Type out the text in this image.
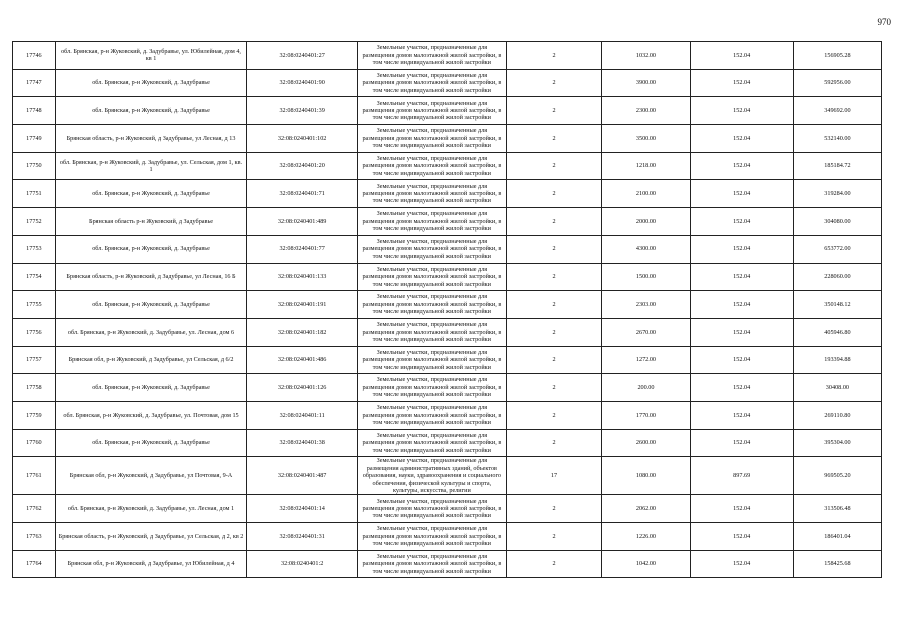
970
17746	обл. Брянская, р-н Жуковский, д. Задубравье, ул. Юбилейная, дом 4, кв 1	32:08:0240401:27	Земельные участки, предназначенные для размещения домов малоэтажной жилой застройки, в том числе индивидуальной жилой застройки	2	1032.00	152.04	156905.28
17747	обл. Брянская, р-н Жуковский, д. Задубравье	32:08:0240401:90	Земельные участки, предназначенные для размещения домов малоэтажной жилой застройки, в том числе индивидуальной жилой застройки	2	3900.00	152.04	592956.00
17748	обл. Брянская, р-н Жуковский, д. Задубравье	32:08:0240401:39	Земельные участки, предназначенные для размещения домов малоэтажной жилой застройки, в том числе индивидуальной жилой застройки	2	2300.00	152.04	349692.00
17749	Брянская область, р-н Жуковский, д Задубравье, ул Лесная, д 13	32:08:0240401:102	Земельные участки, предназначенные для размещения домов малоэтажной жилой застройки, в том числе индивидуальной жилой застройки	2	3500.00	152.04	532140.00
17750	обл. Брянская, р-н Жуковский, д. Задубравье, ул. Сельская, дом 1, кв. 1	32:08:0240401:20	Земельные участки, предназначенные для размещения домов малоэтажной жилой застройки, в том числе индивидуальной жилой застройки	2	1218.00	152.04	185184.72
17751	обл. Брянская, р-н Жуковский, д. Задубравье	32:08:0240401:71	Земельные участки, предназначенные для размещения домов малоэтажной жилой застройки, в том числе индивидуальной жилой застройки	2	2100.00	152.04	319284.00
17752	Брянская область р-н Жуковский, д Задубравье	32:08:0240401:489	Земельные участки, предназначенные для размещения домов малоэтажной жилой застройки, в том числе индивидуальной жилой застройки	2	2000.00	152.04	304080.00
17753	обл. Брянская, р-н Жуковский, д. Задубравье	32:08:0240401:77	Земельные участки, предназначенные для размещения домов малоэтажной жилой застройки, в том числе индивидуальной жилой застройки	2	4300.00	152.04	653772.00
17754	Брянская область, р-н Жуковский, д Задубравье, ул Лесная, 16 Б	32:08:0240401:133	Земельные участки, предназначенные для размещения домов малоэтажной жилой застройки, в том числе индивидуальной жилой застройки	2	1500.00	152.04	228060.00
17755	обл. Брянская, р-н Жуковский, д. Задубравье	32:08:0240401:191	Земельные участки, предназначенные для размещения домов малоэтажной жилой застройки, в том числе индивидуальной жилой застройки	2	2303.00	152.04	350148.12
17756	обл. Брянская, р-н Жуковский, д. Задубравье, ул. Лесная, дом 6	32:08:0240401:182	Земельные участки, предназначенные для размещения домов малоэтажной жилой застройки, в том числе индивидуальной жилой застройки	2	2670.00	152.04	405946.80
17757	Брянская обл, р-н Жуковский, д Задубравье, ул Сельская, д 6/2	32:08:0240401:486	Земельные участки, предназначенные для размещения домов малоэтажной жилой застройки, в том числе индивидуальной жилой застройки	2	1272.00	152.04	193394.88
17758	обл. Брянская, р-н Жуковский, д. Задубравье	32:08:0240401:126	Земельные участки, предназначенные для размещения домов малоэтажной жилой застройки, в том числе индивидуальной жилой застройки	2	200.00	152.04	30408.00
17759	обл. Брянская, р-н Жуковский, д. Задубравье, ул. Почтовая, дом 15	32:08:0240401:11	Земельные участки, предназначенные для размещения домов малоэтажной жилой застройки, в том числе индивидуальной жилой застройки	2	1770.00	152.04	269110.80
17760	обл. Брянская, р-н Жуковский, д. Задубравье	32:08:0240401:38	Земельные участки, предназначенные для размещения домов малоэтажной жилой застройки, в том числе индивидуальной жилой застройки	2	2600.00	152.04	395304.00
17761	Брянская обл, р-н Жуковский, д Задубравье, ул Почтовая, 9-А	32:08:0240401:487	Земельные участки, предназначенные для размещения административных зданий, объектов образования, науки, здравоохранения и социального обеспечения, физической культуры и спорта, культуры, искусства, религии	17	1080.00	897.69	969505.20
17762	обл. Брянская, р-н Жуковский, д. Задубравье, ул. Лесная, дом 1	32:08:0240401:14	Земельные участки, предназначенные для размещения домов малоэтажной жилой застройки, в том числе индивидуальной жилой застройки	2	2062.00	152.04	313506.48
17763	Брянская область, р-н Жуковский, д Задубравье, ул Сельская, д 2, кв 2	32:08:0240401:31	Земельные участки, предназначенные для размещения домов малоэтажной жилой застройки, в том числе индивидуальной жилой застройки	2	1226.00	152.04	186401.04
17764	Брянская обл, р-н Жуковский, д Задубравье, ул Юбилейная, д 4	32:08:0240401:2	Земельные участки, предназначенные для размещения домов малоэтажной жилой застройки, в том числе индивидуальной жилой застройки	2	1042.00	152.04	158425.68
